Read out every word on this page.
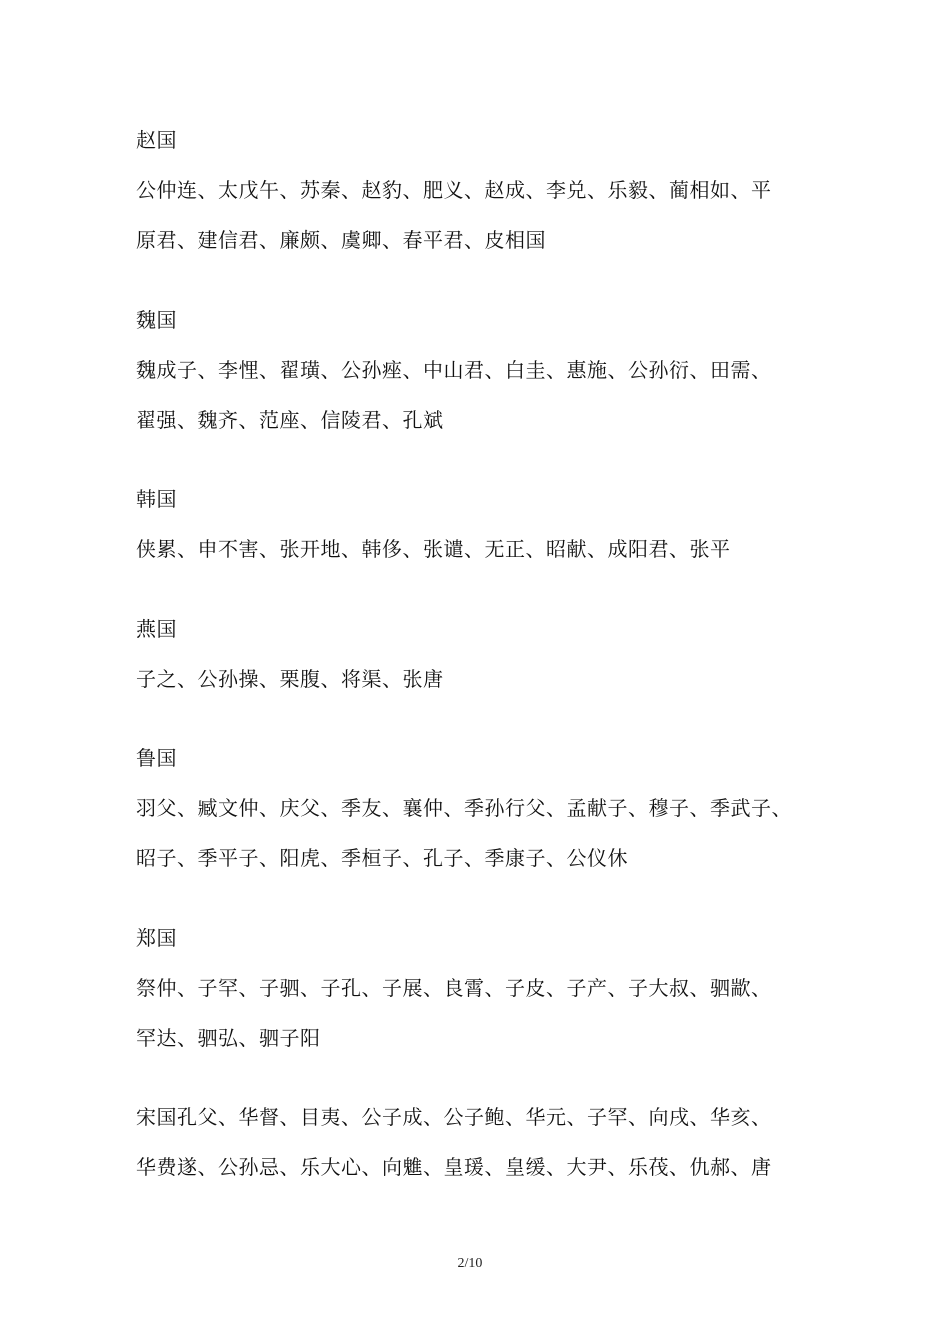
赵国
公仲连、太戊午、苏秦、赵豹、肥义、赵成、李兑、乐毅、蔺相如、平
原君、建信君、廉颇、虞卿、春平君、皮相国
魏国
魏成子、李悝、翟璜、公孙痤、中山君、白圭、惠施、公孙衍、田需、
翟强、魏齐、范座、信陵君、孔斌
韩国
侠累、申不害、张开地、韩侈、张谴、无正、昭献、成阳君、张平
燕国
子之、公孙操、栗腹、将渠、张唐
鲁国
羽父、臧文仲、庆父、季友、襄仲、季孙行父、孟献子、穆子、季武子、
昭子、季平子、阳虎、季桓子、孔子、季康子、公仪休
郑国
祭仲、子罕、子驷、子孔、子展、良霄、子皮、子产、子大叔、驷歂、
罕达、驷弘、驷子阳
宋国孔父、华督、目夷、公子成、公子鲍、华元、子罕、向戌、华亥、
华费遂、公孙忌、乐大心、向魋、皇瑗、皇缓、大尹、乐茷、仇郝、唐
2/10
